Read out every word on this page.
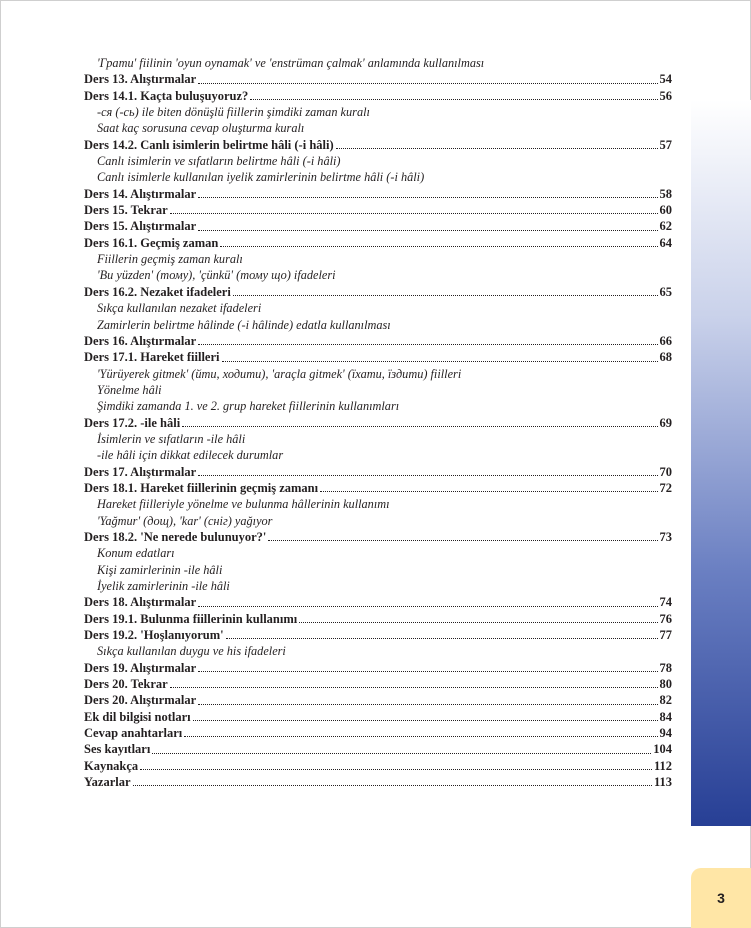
'Грати' fiilinin 'oyun oynamak' ve 'enstrüman çalmak' anlamında kullanılması
Ders 13. Alıştırmalar	54
Ders 14.1. Kaçta buluşuyoruz?	56
-ся (-сь) ile biten dönüşlü fiillerin şimdiki zaman kuralı
Saat kaç sorusuna cevap oluşturma kuralı
Ders 14.2. Canlı isimlerin belirtme hâli (-i hâli)	57
Canlı isimlerin ve sıfatların belirtme hâli (-i hâli)
Canlı isimlerle kullanılan iyelik zamirlerinin belirtme hâli (-i hâli)
Ders 14. Alıştırmalar	58
Ders 15. Tekrar	60
Ders 15. Alıştırmalar	62
Ders 16.1. Geçmiş zaman	64
Fiillerin geçmiş zaman kuralı
'Bu yüzden' (тому), 'çünkü' (тому що) ifadeleri
Ders 16.2. Nezaket ifadeleri	65
Sıkça kullanılan nezaket ifadeleri
Zamirlerin belirtme hâlinde (-i hâlinde) edatla kullanılması
Ders 16. Alıştırmalar	66
Ders 17.1. Hareket fiilleri	68
'Yürüyerek gitmek' (йти, ходити), 'araçla gitmek' (їхати, їздити) fiilleri
Yönelme hâli
Şimdiki zamanda 1. ve 2. grup hareket fiillerinin kullanımları
Ders 17.2. -ile hâli	69
İsimlerin ve sıfatların -ile hâli
-ile hâli için dikkat edilecek durumlar
Ders 17. Alıştırmalar	70
Ders 18.1. Hareket fiillerinin geçmiş zamanı	72
Hareket fiilleriyle yönelme ve bulunma hâllerinin kullanımı
'Yağmur' (дощ), 'kar' (сніг) yağıyor
Ders 18.2. 'Ne nerede bulunuyor?'	73
Konum edatları
Kişi zamirlerinin -ile hâli
İyelik zamirlerinin -ile hâli
Ders 18. Alıştırmalar	74
Ders 19.1. Bulunma fiillerinin kullanımı	76
Ders 19.2. 'Hoşlanıyorum'	77
Sıkça kullanılan duygu ve his ifadeleri
Ders 19. Alıştırmalar	78
Ders 20. Tekrar	80
Ders 20. Alıştırmalar	82
Ek dil bilgisi notları	84
Cevap anahtarları	94
Ses kayıtları	104
Kaynakça	112
Yazarlar	113
3
